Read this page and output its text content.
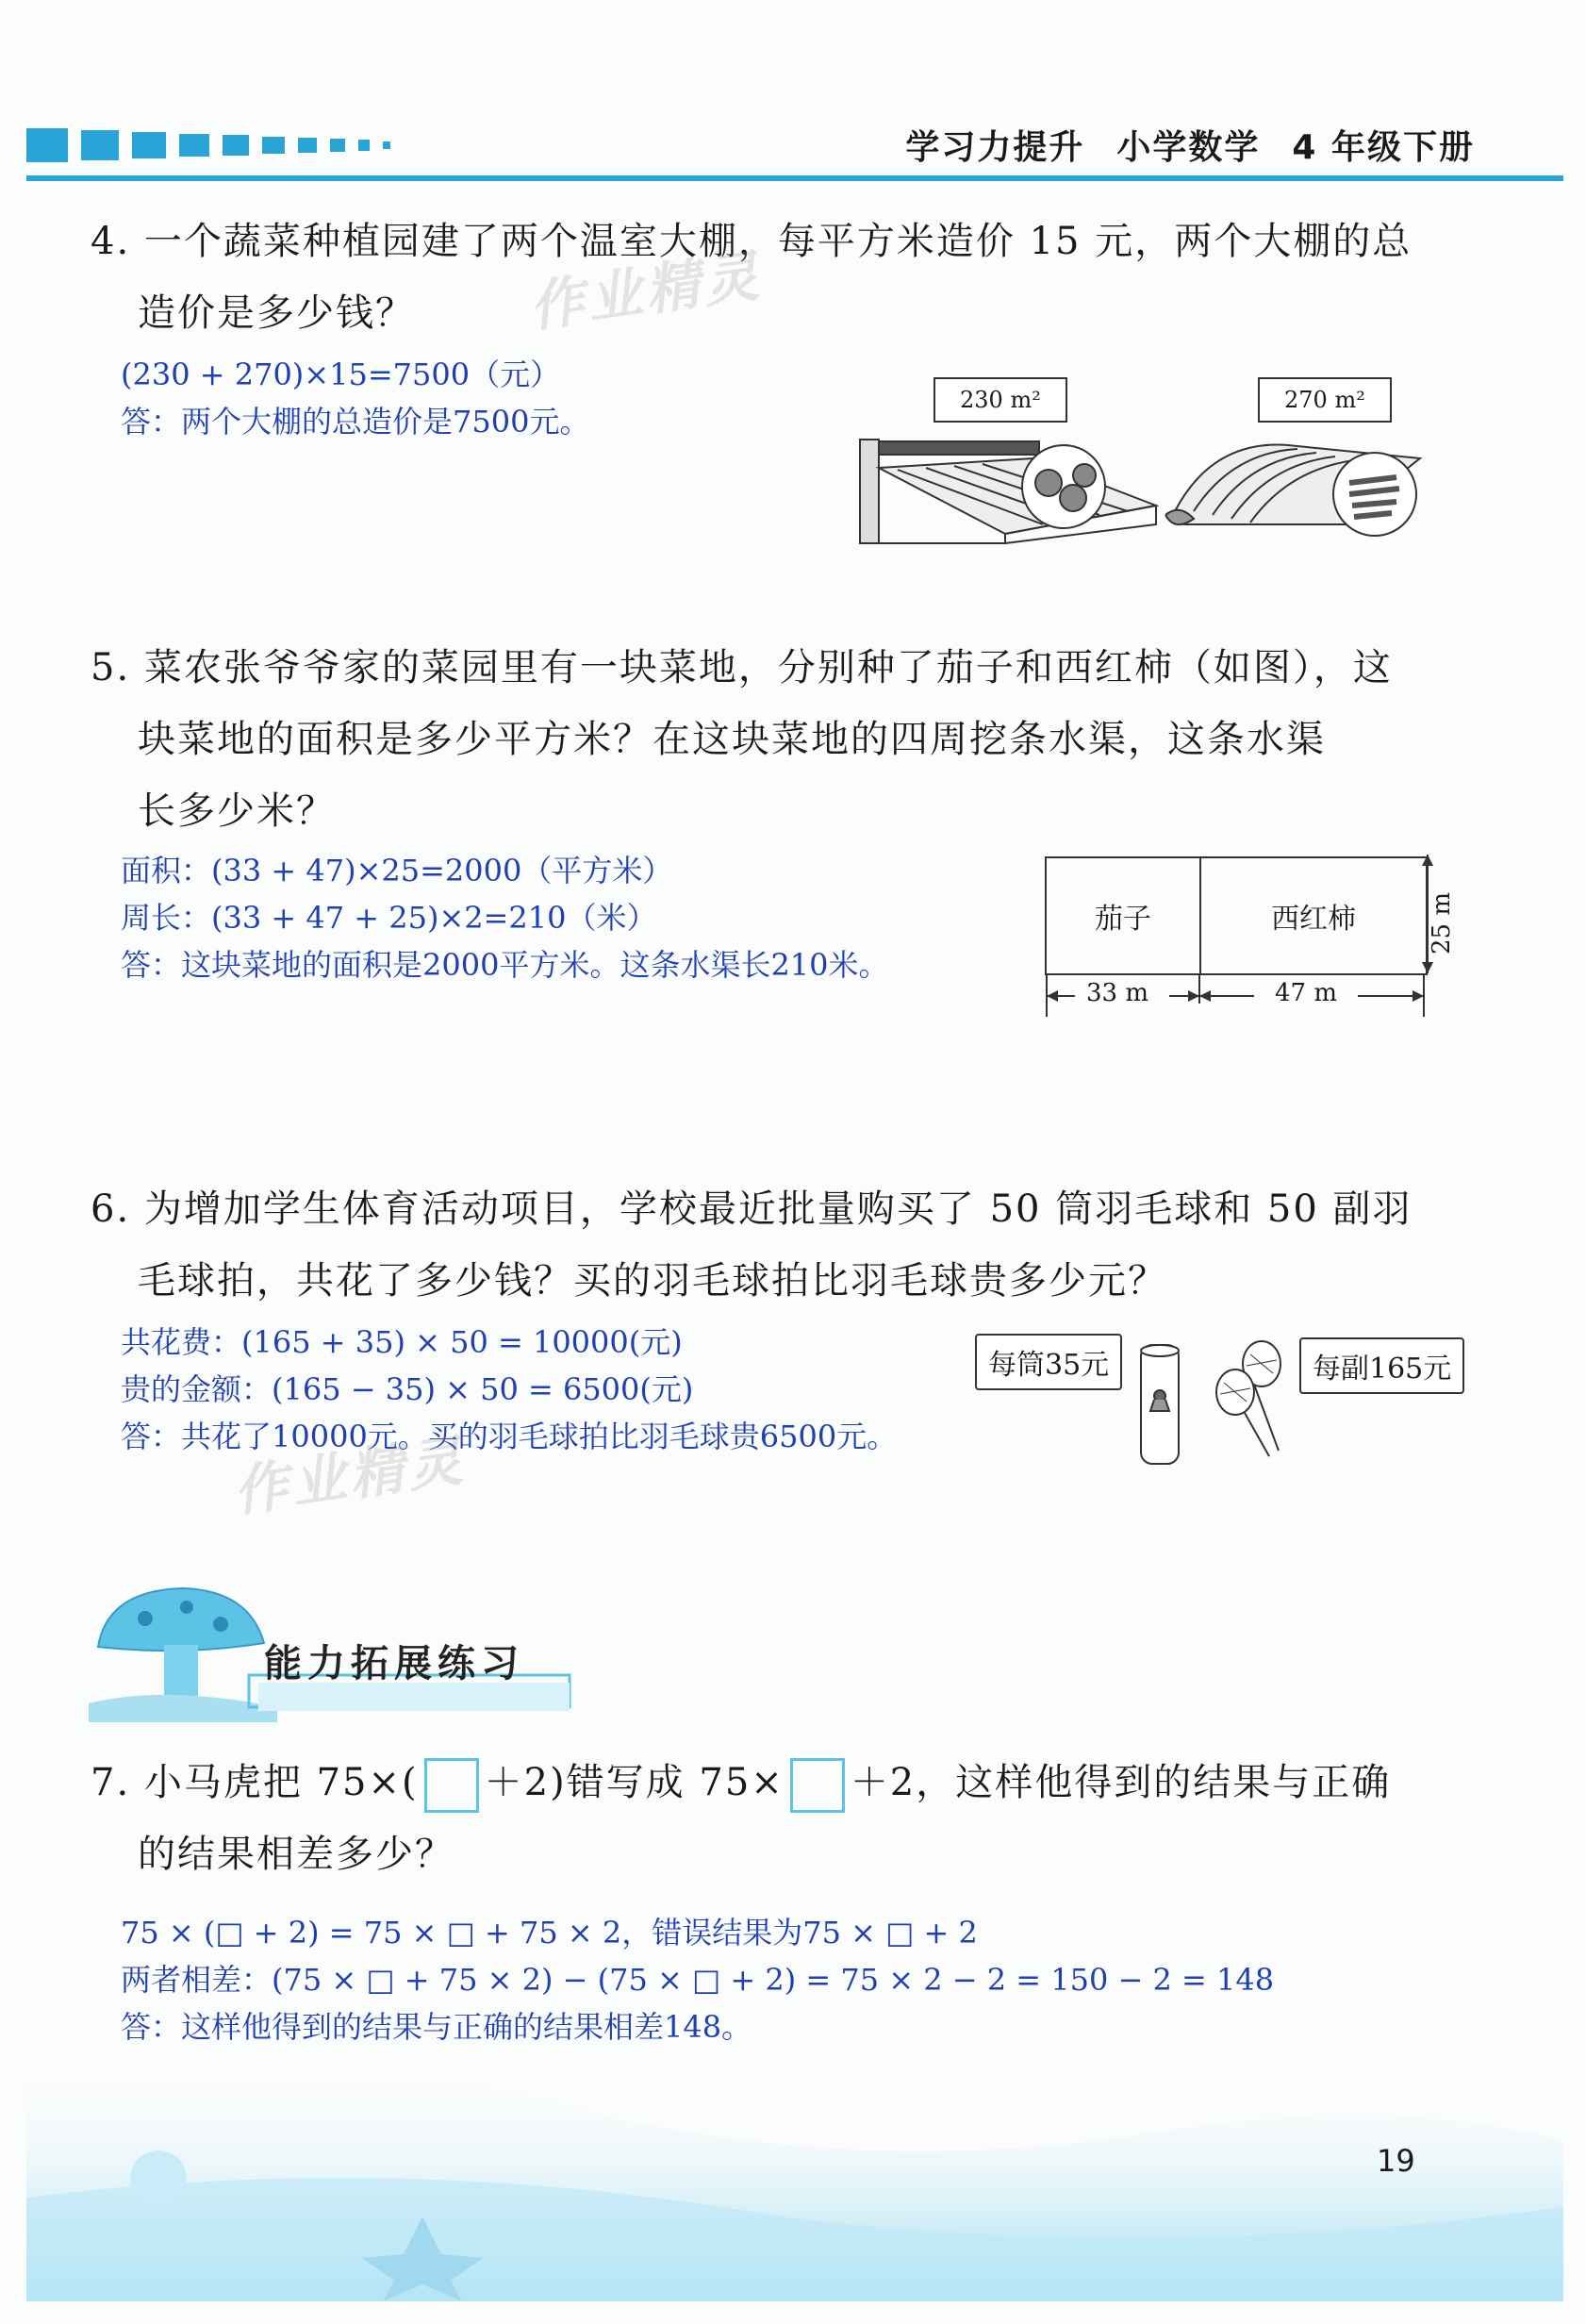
学习力提升 小学数学 4 年级下册
4. 一个蔬菜种植园建了两个温室大棚，每平方米造价 15 元，两个大棚的总
造价是多少钱？	作业精灵
(230 + 270)×15=7500（元）
答：两个大棚的总造价是7500元。
230 m²	270 m²
5. 菜农张爷爷家的菜园里有一块菜地，分别种了茄子和西红柿（如图），这
块菜地的面积是多少平方米？在这块菜地的四周挖条水渠，这条水渠
长多少米？
面积：(33 + 47)×25=2000（平方米）
周长：(33 + 47 + 25)×2=210（米）
答：这块菜地的面积是2000平方米。这条水渠长210米。
茄子	西红柿
33 m	47 m
25 m
6. 为增加学生体育活动项目，学校最近批量购买了 50 筒羽毛球和 50 副羽
毛球拍，共花了多少钱？买的羽毛球拍比羽毛球贵多少元？
共花费：(165 + 35) × 50 = 10000(元)
贵的金额：(165 − 35) × 50 = 6500(元)
答：共花了10000元。买的羽毛球拍比羽毛球贵6500元。
作业精灵
每筒35元	每副165元
能力拓展练习
7. 小马虎把 75×( ＋2)错写成 75× ＋2，这样他得到的结果与正确
的结果相差多少？
75 × (□ + 2) = 75 × □ + 75 × 2，错误结果为75 × □ + 2
两者相差：(75 × □ + 75 × 2) − (75 × □ + 2) = 75 × 2 − 2 = 150 − 2 = 148
答：这样他得到的结果与正确的结果相差148。
19
